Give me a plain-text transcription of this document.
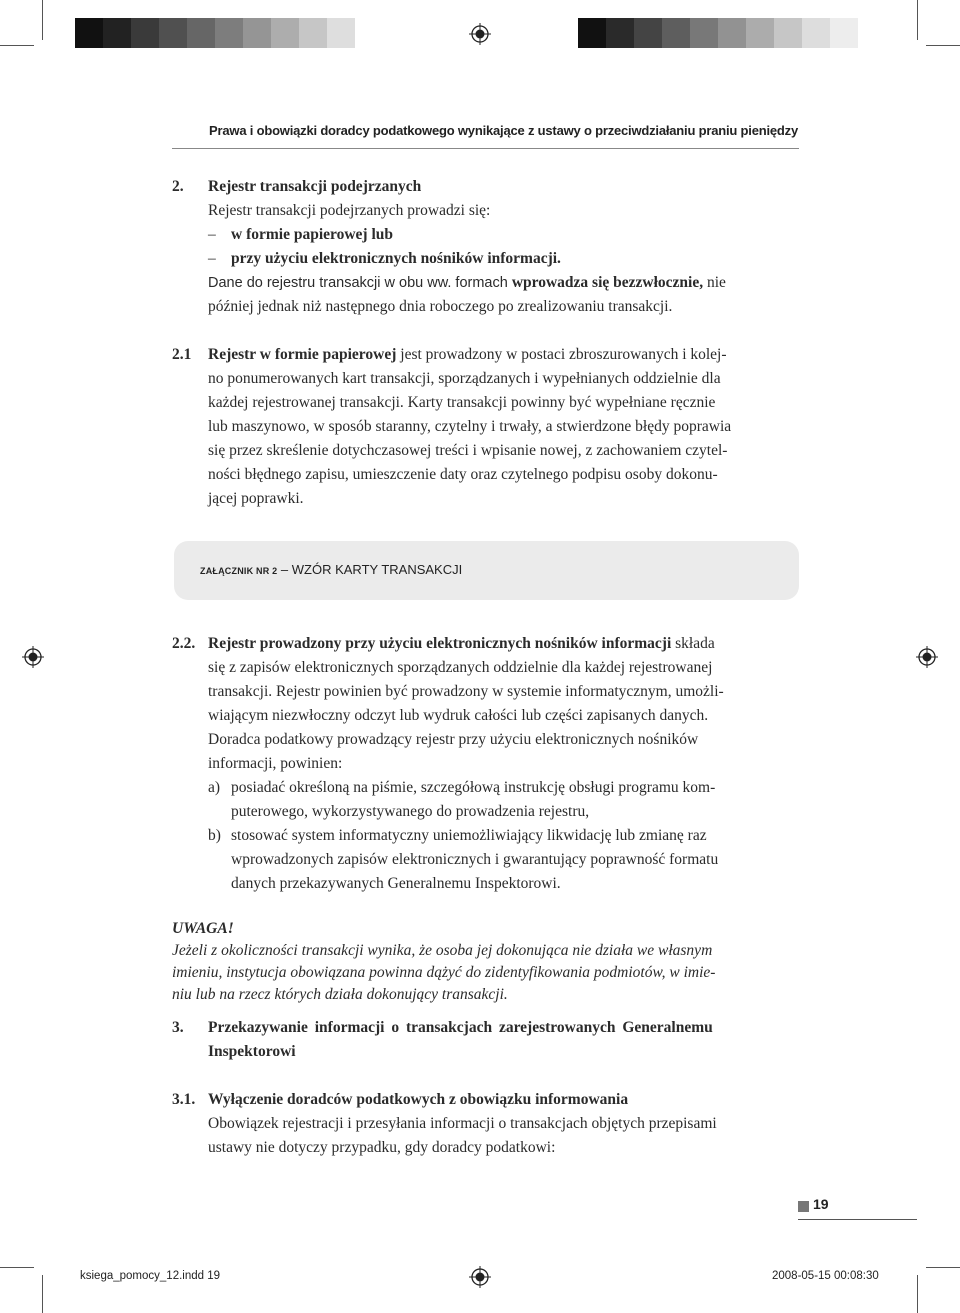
Prawa i obowiązki doradcy podatkowego wynikające z ustawy o przeciwdziałaniu praniu pieniędzy
2. Rejestr transakcji podejrzanych
Rejestr transakcji podejrzanych prowadzi się:
– w formie papierowej lub
– przy użyciu elektronicznych nośników informacji.
Dane do rejestru transakcji w obu ww. formach wprowadza się bezzwłocznie, nie
później jednak niż następnego dnia roboczego po zrealizowaniu transakcji.
2.1 Rejestr w formie papierowej jest prowadzony w postaci zbroszurowanych i kolej-
no ponumerowanych kart transakcji, sporządzanych i wypełnianych oddzielnie dla
każdej rejestrowanej transakcji. Karty transakcji powinny być wypełniane ręcznie
lub maszynowo, w sposób staranny, czytelny i trwały, a stwierdzone błędy poprawia
się przez skreślenie dotychczasowej treści i wpisanie nowej, z zachowaniem czytel-
ności błędnego zapisu, umieszczenie daty oraz czytelnego podpisu osoby dokonu-
jącej poprawki.
ZAŁĄCZNIK NR 2 – WZÓR KARTY TRANSAKCJI
2.2. Rejestr prowadzony przy użyciu elektronicznych nośników informacji składa
się z zapisów elektronicznych sporządzanych oddzielnie dla każdej rejestrowanej
transakcji. Rejestr powinien być prowadzony w systemie informatycznym, umożli-
wiającym niezwłoczny odczyt lub wydruk całości lub części zapisanych danych.
Doradca podatkowy prowadzący rejestr przy użyciu elektronicznych nośników
informacji, powinien:
a) posiadać określoną na piśmie, szczegółową instrukcję obsługi programu kom-
puterowego, wykorzystywanego do prowadzenia rejestru,
b) stosować system informatyczny uniemożliwiający likwidację lub zmianę raz
wprowadzonych zapisów elektronicznych i gwarantujący poprawność formatu
danych przekazywanych Generalnemu Inspektorowi.
UWAGA!
Jeżeli z okoliczności transakcji wynika, że osoba jej dokonująca nie działa we własnym
imieniu, instytucja obowiązana powinna dążyć do zidentyfikowania podmiotów, w imie-
niu lub na rzecz których działa dokonujący transakcji.
3. Przekazywanie informacji o transakcjach zarejestrowanych Generalnemu
Inspektorowi
3.1. Wyłączenie doradców podatkowych z obowiązku informowania
Obowiązek rejestracji i przesyłania informacji o transakcjach objętych przepisami
ustawy nie dotyczy przypadku, gdy doradcy podatkowi:
19
ksiega_pomocy_12.indd 19	2008-05-15 00:08:30
